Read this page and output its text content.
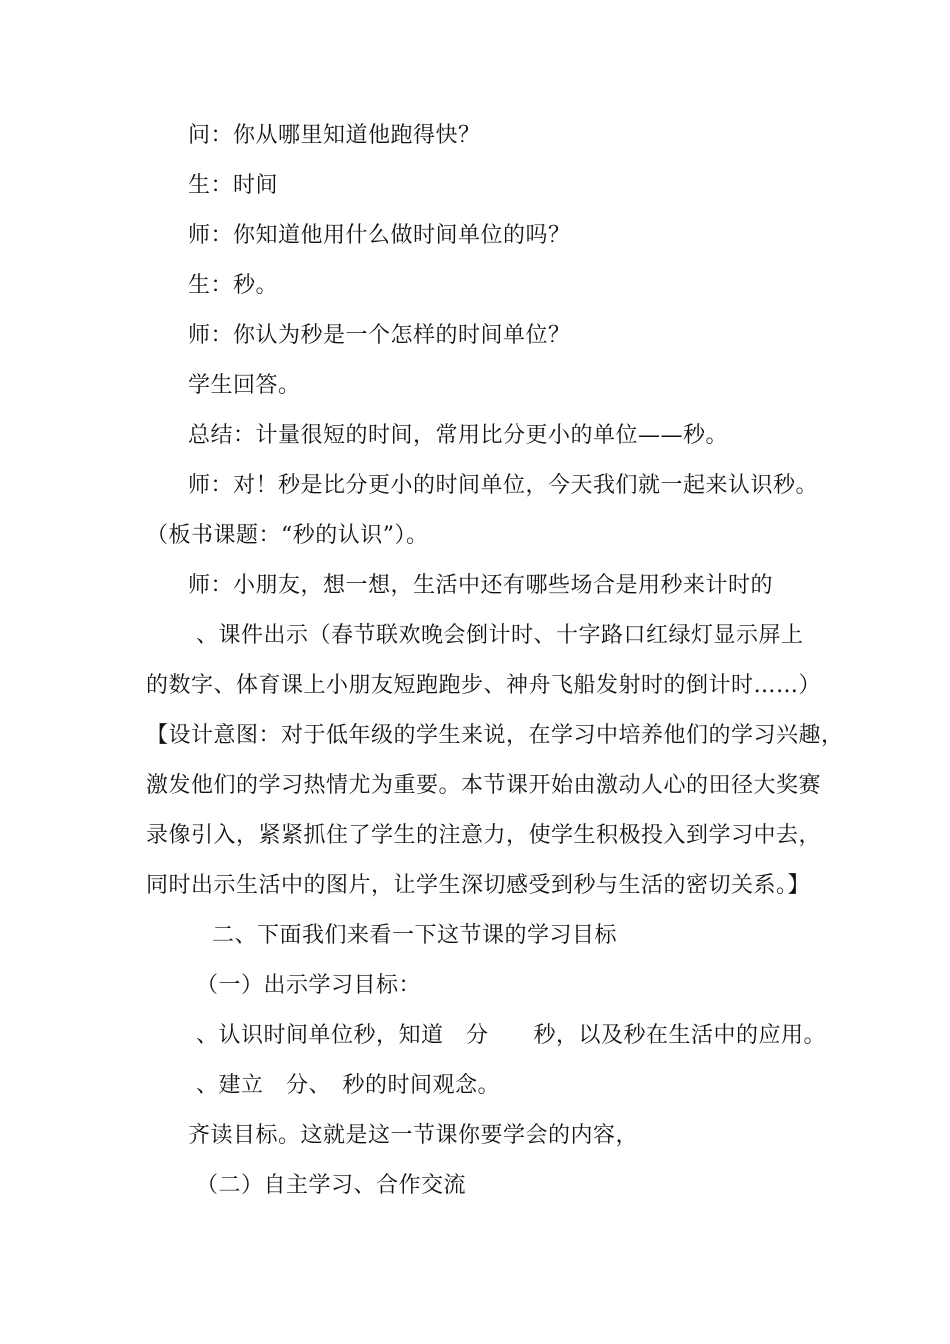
问：你从哪里知道他跑得快？
生：时间
师：你知道他用什么做时间单位的吗？
生：秒。
师：你认为秒是一个怎样的时间单位？
学生回答。
总结：计量很短的时间，常用比分更小的单位——秒。
师：对！秒是比分更小的时间单位，今天我们就一起来认识秒。
（板书课题：“秒的认识”）。
师：小朋友，想一想，生活中还有哪些场合是用秒来计时的
、课件出示（春节联欢晚会倒计时、十字路口红绿灯显示屏上
的数字、体育课上小朋友短跑跑步、神舟飞船发射时的倒计时……）
【设计意图：对于低年级的学生来说，在学习中培养他们的学习兴趣，
激发他们的学习热情尤为重要。本节课开始由激动人心的田径大奖赛
录像引入，紧紧抓住了学生的注意力，使学生积极投入到学习中去，
同时出示生活中的图片，让学生深切感受到秒与生活的密切关系。】
二、下面我们来看一下这节课的学习目标
（一）出示学习目标：
、认识时间单位秒，知道　分　　秒，以及秒在生活中的应用。
、建立　分、　秒的时间观念。
齐读目标。这就是这一节课你要学会的内容，
（二）自主学习、合作交流
